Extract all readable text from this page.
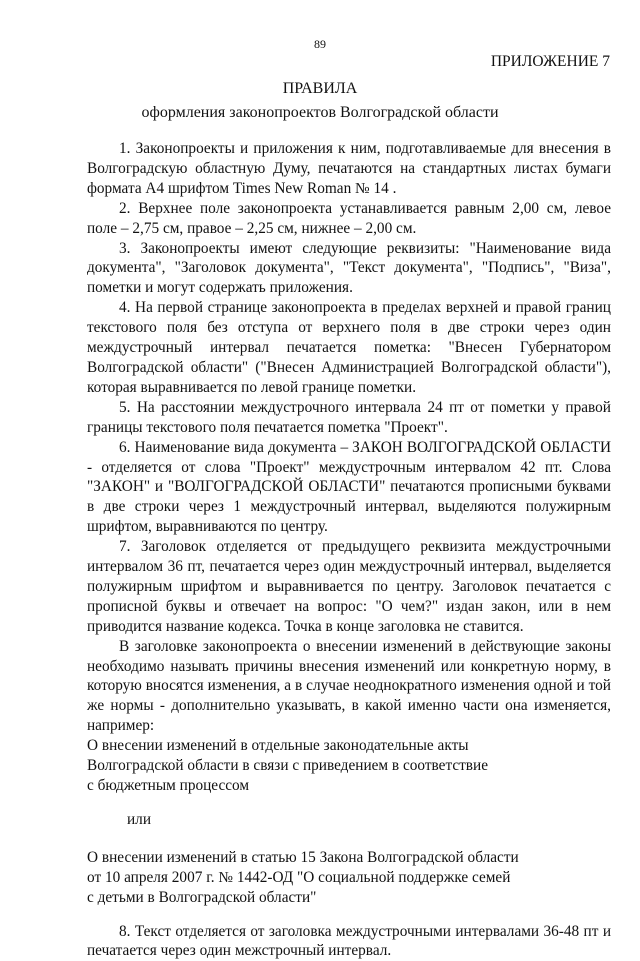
89
ПРИЛОЖЕНИЕ 7
ПРАВИЛА
оформления законопроектов Волгоградской области

1. Законопроекты и приложения к ним, подготавливаемые для внесения в Волгоградскую областную Думу, печатаются на стандартных листах бумаги формата А4 шрифтом Times New Roman № 14 .

2. Верхнее поле законопроекта устанавливается равным 2,00 см, левое поле – 2,75 см, правое – 2,25 см, нижнее – 2,00 см.

3. Законопроекты имеют следующие реквизиты: "Наименование вида документа", "Заголовок документа", "Текст документа", "Подпись", "Виза", пометки и могут содержать приложения.

4. На первой странице законопроекта в пределах верхней и правой границ текстового поля без отступа от верхнего поля в две строки через один междустрочный интервал печатается пометка: "Внесен Губернатором Волгоградской области" ("Внесен Администрацией Волгоградской области"), которая выравнивается по левой границе пометки.

5. На расстоянии междустрочного интервала 24 пт от пометки у правой границы текстового поля печатается пометка "Проект".

6. Наименование вида документа – ЗАКОН ВОЛГОГРАДСКОЙ ОБЛАСТИ - отделяется от слова "Проект" междустрочным интервалом 42 пт. Слова "ЗАКОН" и "ВОЛГОГРАДСКОЙ ОБЛАСТИ" печатаются прописными буквами в две строки через 1 междустрочный интервал, выделяются полужирным шрифтом, выравниваются по центру.

7. Заголовок отделяется от предыдущего реквизита междустрочными интервалом 36 пт, печатается через один междустрочный интервал, выделяется полужирным шрифтом и выравнивается по центру. Заголовок печатается с прописной буквы и отвечает на вопрос: "О чем?" издан закон, или в нем приводится название кодекса. Точка в конце заголовка не ставится.

В заголовке законопроекта о внесении изменений в действующие законы необходимо называть причины внесения изменений или конкретную норму, в которую вносятся изменения, а в случае неоднократного изменения одной и той же нормы - дополнительно указывать, в какой именно части она изменяется, например:

О внесении изменений в отдельные законодательные акты
Волгоградской области в связи с приведением в соответствие
с бюджетным процессом

или

О внесении изменений в статью 15 Закона Волгоградской области
от 10 апреля 2007 г. № 1442-ОД "О социальной поддержке семей
с детьми в Волгоградской области"

8. Текст отделяется от заголовка междустрочными интервалами 36-48 пт и печатается через один межстрочный интервал.
